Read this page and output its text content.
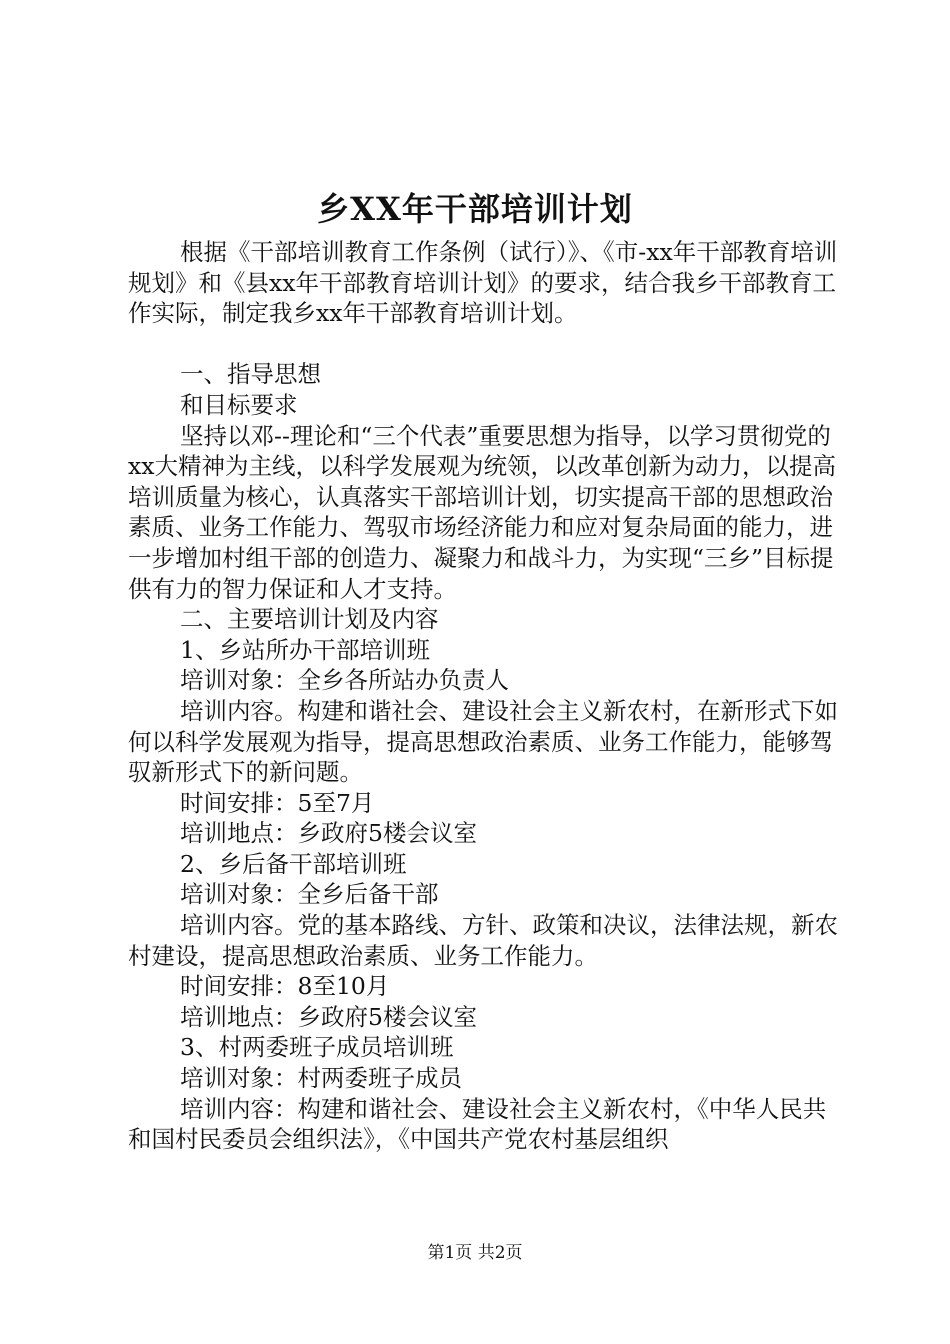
乡XX年干部培训计划

根据《干部培训教育工作条例（试行）》、《市-xx年干部教育培训规划》和《县xx年干部教育培训计划》的要求，结合我乡干部教育工作实际，制定我乡xx年干部教育培训计划。

一、指导思想

和目标要求

坚持以邓--理论和“三个代表”重要思想为指导，以学习贯彻党的xx大精神为主线，以科学发展观为统领，以改革创新为动力，以提高培训质量为核心，认真落实干部培训计划，切实提高干部的思想政治素质、业务工作能力、驾驭市场经济能力和应对复杂局面的能力，进一步增加村组干部的创造力、凝聚力和战斗力，为实现“三乡”目标提供有力的智力保证和人才支持。

二、主要培训计划及内容

1、乡站所办干部培训班

培训对象：全乡各所站办负责人

培训内容。构建和谐社会、建设社会主义新农村，在新形式下如何以科学发展观为指导，提高思想政治素质、业务工作能力，能够驾驭新形式下的新问题。

时间安排：5至7月

培训地点：乡政府5楼会议室

2、乡后备干部培训班

培训对象：全乡后备干部

培训内容。党的基本路线、方针、政策和决议，法律法规，新农村建设，提高思想政治素质、业务工作能力。

时间安排：8至10月

培训地点：乡政府5楼会议室

3、村两委班子成员培训班

培训对象：村两委班子成员

培训内容：构建和谐社会、建设社会主义新农村，《中华人民共和国村民委员会组织法》，《中国共产党农村基层组织

第1页 共2页
